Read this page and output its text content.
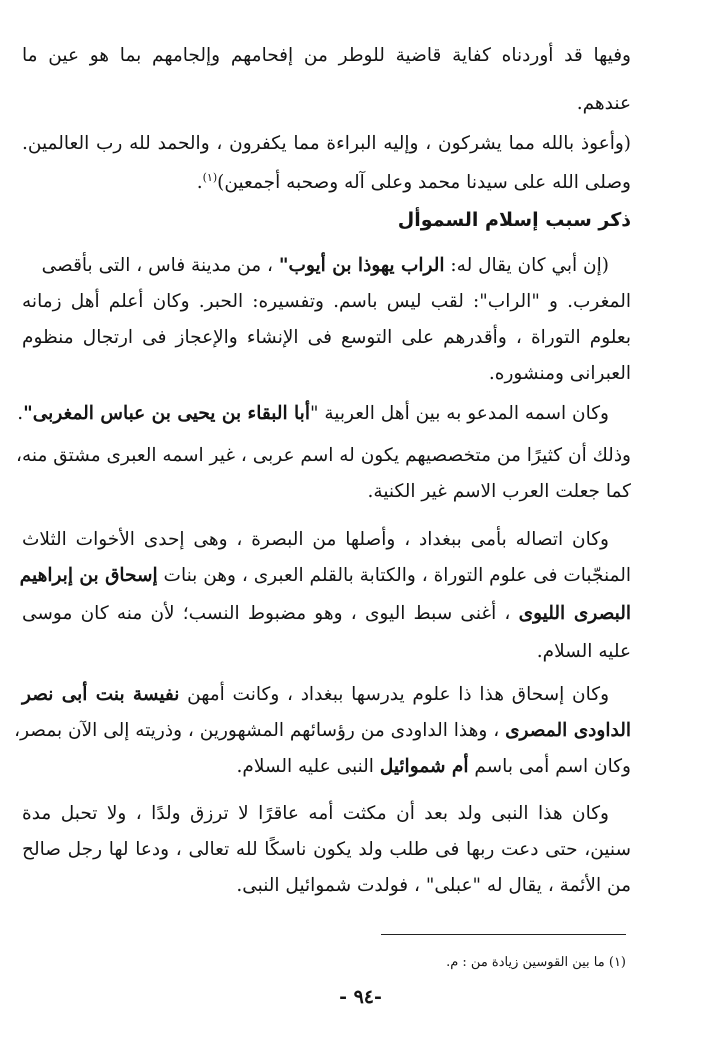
وفيها قد أوردناه كفاية قاضية للوطر من إفحامهم وإلجامهم بما هو عين ما
عندهم.
(وأعوذ بالله مما يشركون ، وإليه البراءة مما يكفرون ، والحمد لله رب العالمين.
وصلى الله على سيدنا محمد وعلى آله وصحبه أجمعين)$^{(١)}$.
ذكر سبب إسلام السموأل
(إن أبي كان يقال له: الراب يهوذا بن أيوب" ، من مدينة فاس ، التى بأقصى
المغرب. و "الراب": لقب ليس باسم. وتفسيره: الحبر. وكان أعلم أهل زمانه
بعلوم التوراة ، وأقدرهم على التوسع فى الإنشاء والإعجاز فى ارتجال منظوم
العبرانى ومنشوره.
وكان اسمه المدعو به بين أهل العربية "أبا البقاء بن يحيى بن عباس المغربى".
وذلك أن كثيرًا من متخصصيهم يكون له اسم عربى ، غير اسمه العبرى مشتق منه،
كما جعلت العرب الاسم غير الكنية.
وكان اتصاله بأمى ببغداد ، وأصلها من البصرة ، وهى إحدى الأخوات الثلاث
المنجّبات فى علوم التوراة ، والكتابة بالقلم العبرى ، وهن بنات إسحاق بن إبراهيم
البصرى الليوى ، أغنى سبط اليوى ، وهو مضبوط النسب؛ لأن منه كان موسى
عليه السلام.
وكان إسحاق هذا ذا علوم يدرسها ببغداد ، وكانت أمهن نفيسة بنت أبى نصر
الداودى المصرى ، وهذا الداودى من رؤسائهم المشهورين ، وذريته إلى الآن بمصر،
وكان اسم أمى باسم أم شموائيل النبى عليه السلام.
وكان هذا النبى ولد بعد أن مكثت أمه عاقرًا لا ترزق ولدًا ، ولا تحبل مدة
سنين، حتى دعت ربها فى طلب ولد يكون ناسكًا لله تعالى ، ودعا لها رجل صالح
من الأئمة ، يقال له "عبلى" ، فولدت شموائيل النبى.
(١) ما بين القوسين زيادة من : م.
-٩٤ -
